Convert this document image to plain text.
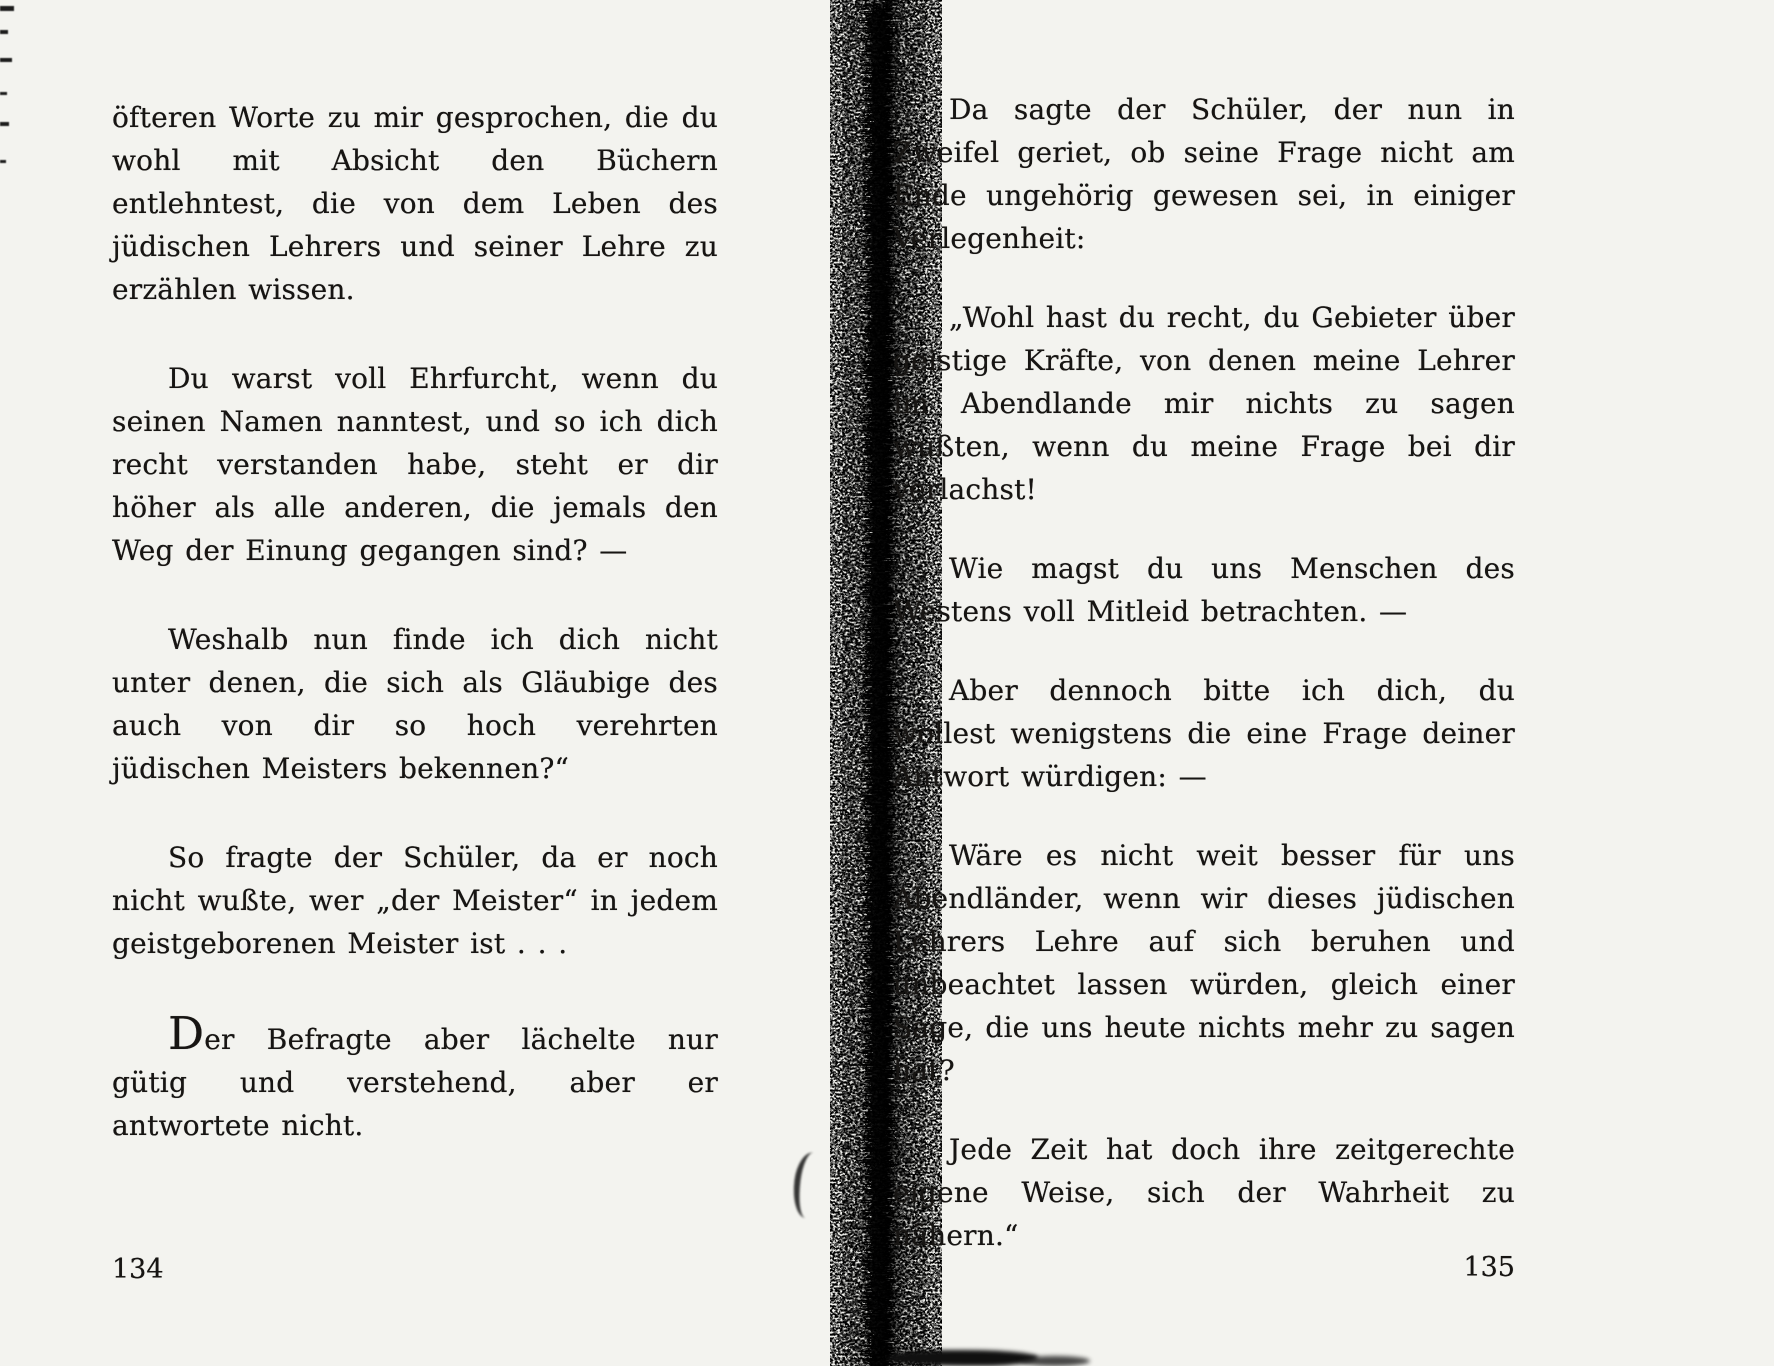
öfteren Worte zu mir gesprochen, die du wohl mit Absicht den Büchern entlehntest, die von dem Leben des jüdischen Lehrers und seiner Lehre zu erzählen wissen.

Du warst voll Ehrfurcht, wenn du seinen Namen nanntest, und so ich dich recht verstanden habe, steht er dir höher als alle anderen, die jemals den Weg der Einung gegangen sind? —

Weshalb nun finde ich dich nicht unter denen, die sich als Gläubige des auch von dir so hoch verehrten jüdischen Meisters bekennen?“

So fragte der Schüler, da er noch nicht wußte, wer „der Meister“ in jedem geistgeborenen Meister ist . . .

Der Befragte aber lächelte nur gütig und verstehend, aber er antwortete nicht.

134

Da sagte der Schüler, der nun in Zweifel geriet, ob seine Frage nicht am Ende ungehörig gewesen sei, in einiger Verlegenheit:

„Wohl hast du recht, du Gebieter über geistige Kräfte, von denen meine Lehrer im Abendlande mir nichts zu sagen wußten, wenn du meine Frage bei dir verlachst!

Wie magst du uns Menschen des Westens voll Mitleid betrachten. —

Aber dennoch bitte ich dich, du wollest wenigstens die eine Frage deiner Antwort würdigen: —

Wäre es nicht weit besser für uns Abendländer, wenn wir dieses jüdischen Lehrers Lehre auf sich beruhen und unbeachtet lassen würden, gleich einer Sage, die uns heute nichts mehr zu sagen hat?

Jede Zeit hat doch ihre zeitgerechte eigene Weise, sich der Wahrheit zu nähern.“

135
